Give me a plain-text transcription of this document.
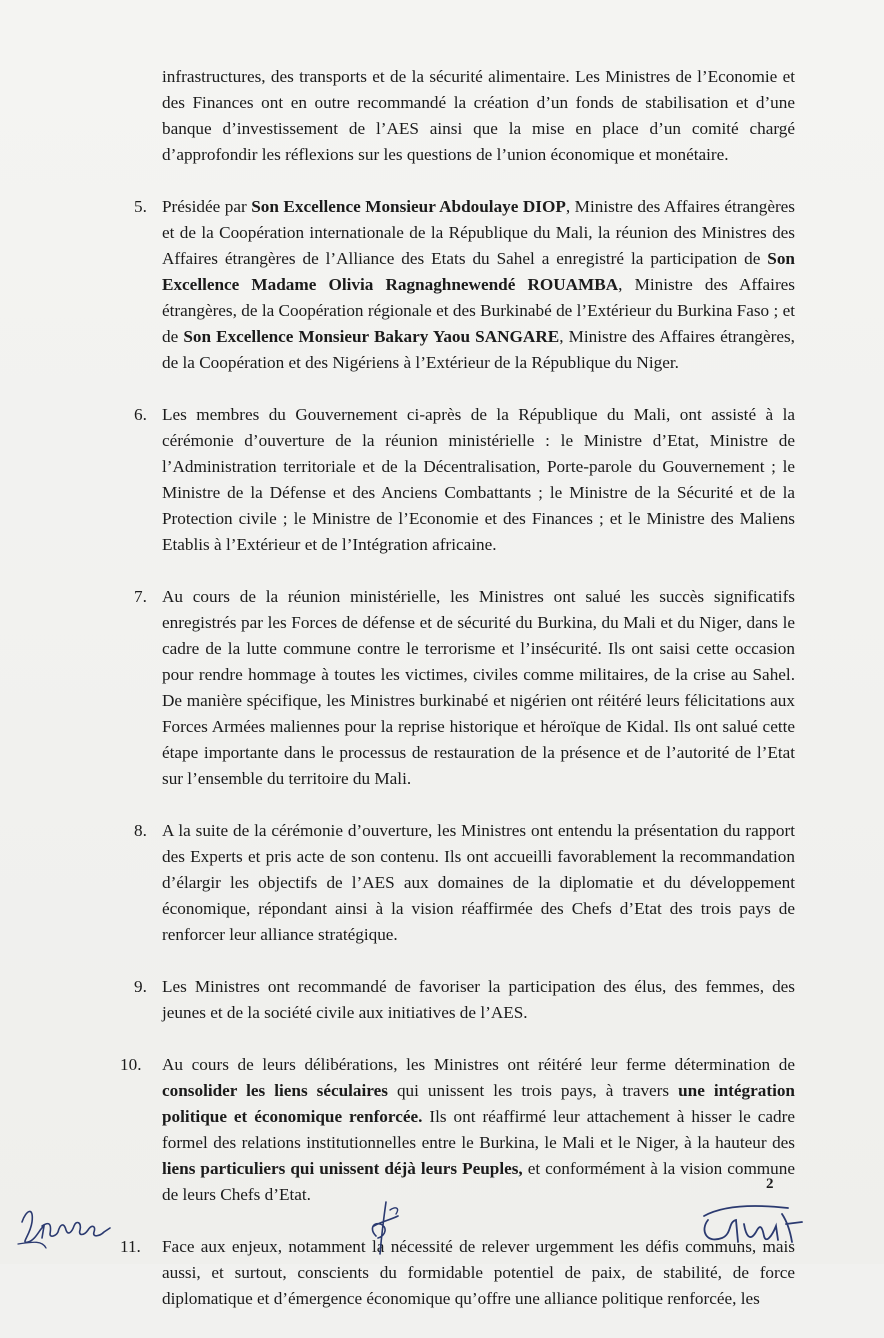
infrastructures, des transports et de la sécurité alimentaire. Les Ministres de l’Economie et des Finances ont en outre recommandé la création d’un fonds de stabilisation et d’une banque d’investissement de l’AES ainsi que la mise en place d’un comité chargé d’approfondir les réflexions sur les questions de l’union économique et monétaire.

5. Présidée par Son Excellence Monsieur Abdoulaye DIOP, Ministre des Affaires étrangères et de la Coopération internationale de la République du Mali, la réunion des Ministres des Affaires étrangères de l’Alliance des Etats du Sahel a enregistré la participation de Son Excellence Madame Olivia Ragnaghnewendé ROUAMBA, Ministre des Affaires étrangères, de la Coopération régionale et des Burkinabé de l’Extérieur du Burkina Faso ; et de Son Excellence Monsieur Bakary Yaou SANGARE, Ministre des Affaires étrangères, de la Coopération et des Nigériens à l’Extérieur de la République du Niger.
6. Les membres du Gouvernement ci-après de la République du Mali, ont assisté à la cérémonie d’ouverture de la réunion ministérielle : le Ministre d’Etat, Ministre de l’Administration territoriale et de la Décentralisation, Porte-parole du Gouvernement ; le Ministre de la Défense et des Anciens Combattants ; le Ministre de la Sécurité et de la Protection civile ; le Ministre de l’Economie et des Finances ; et le Ministre des Maliens Etablis à l’Extérieur et de l’Intégration africaine.
7. Au cours de la réunion ministérielle, les Ministres ont salué les succès significatifs enregistrés par les Forces de défense et de sécurité du Burkina, du Mali et du Niger, dans le cadre de la lutte commune contre le terrorisme et l’insécurité. Ils ont saisi cette occasion pour rendre hommage à toutes les victimes, civiles comme militaires, de la crise au Sahel. De manière spécifique, les Ministres burkinabé et nigérien ont réitéré leurs félicitations aux Forces Armées maliennes pour la reprise historique et héroïque de Kidal. Ils ont salué cette étape importante dans le processus de restauration de la présence et de l’autorité de l’Etat sur l’ensemble du territoire du Mali.
8. A la suite de la cérémonie d’ouverture, les Ministres ont entendu la présentation du rapport des Experts et pris acte de son contenu. Ils ont accueilli favorablement la recommandation d’élargir les objectifs de l’AES aux domaines de la diplomatie et du développement économique, répondant ainsi à la vision réaffirmée des Chefs d’Etat des trois pays de renforcer leur alliance stratégique.
9. Les Ministres ont recommandé de favoriser la participation des élus, des femmes, des jeunes et de la société civile aux initiatives de l’AES.
10.	Au cours de leurs délibérations, les Ministres ont réitéré leur ferme détermination de consolider les liens séculaires qui unissent les trois pays, à travers une intégration politique et économique renforcée. Ils ont réaffirmé leur attachement à hisser le cadre formel des relations institutionnelles entre le Burkina, le Mali et le Niger, à la hauteur des liens particuliers qui unissent déjà leurs Peuples, et conformément à la vision commune de leurs Chefs d’Etat.
11.	Face aux enjeux, notamment la nécessité de relever urgemment les défis communs, mais aussi, et surtout, conscients du formidable potentiel de paix, de stabilité, de force diplomatique et d’émergence économique qu’offre une alliance politique renforcée, les
2
